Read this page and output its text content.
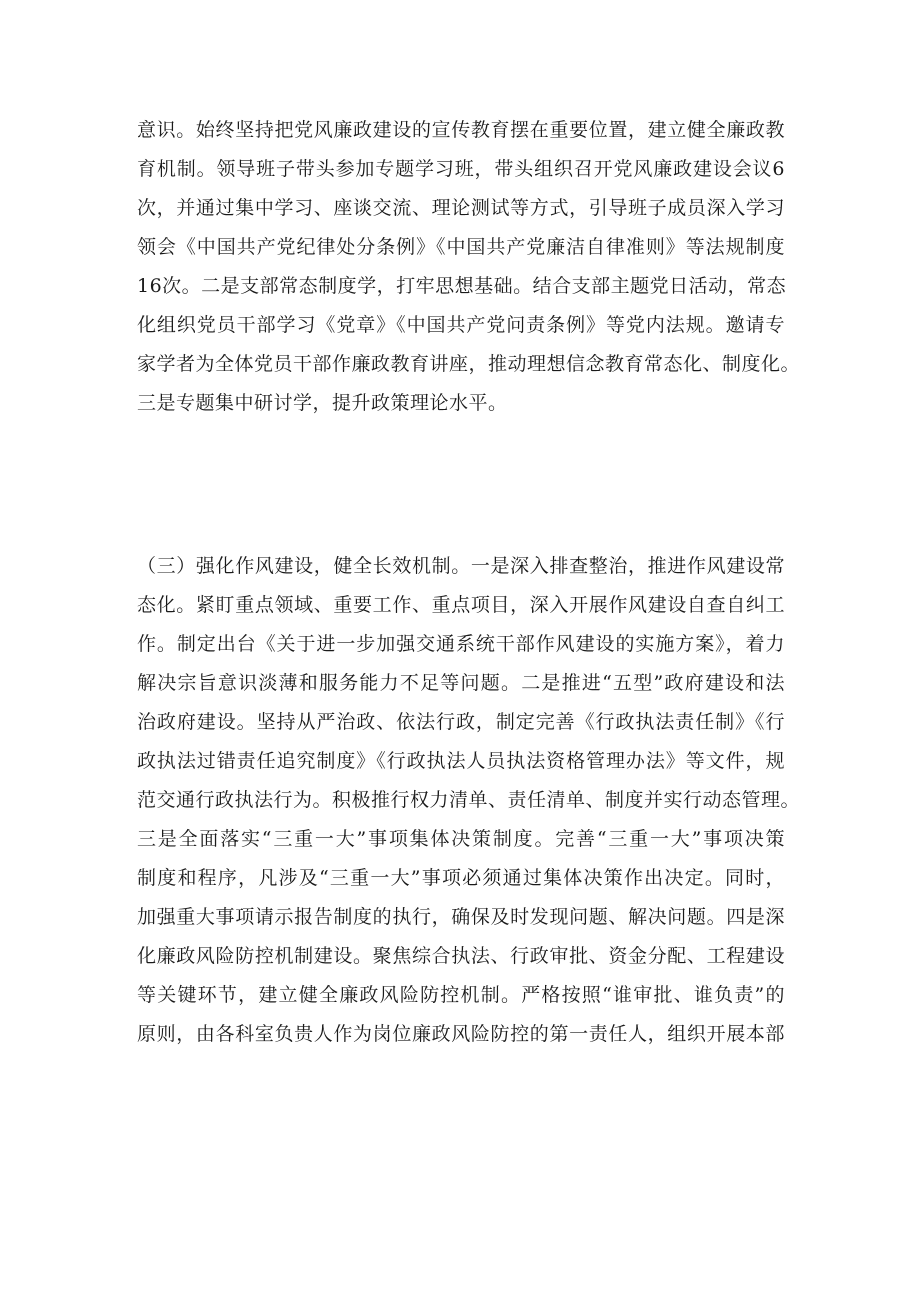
意识。始终坚持把党风廉政建设的宣传教育摆在重要位置，建立健全廉政教
育机制。领导班子带头参加专题学习班，带头组织召开党风廉政建设会议6
次，并通过集中学习、座谈交流、理论测试等方式，引导班子成员深入学习
领会《中国共产党纪律处分条例》《中国共产党廉洁自律准则》等法规制度
16次。二是支部常态制度学，打牢思想基础。结合支部主题党日活动，常态
化组织党员干部学习《党章》《中国共产党问责条例》等党内法规。邀请专
家学者为全体党员干部作廉政教育讲座，推动理想信念教育常态化、制度化。
三是专题集中研讨学，提升政策理论水平。

（三）强化作风建设，健全长效机制。一是深入排查整治，推进作风建设常
态化。紧盯重点领域、重要工作、重点项目，深入开展作风建设自查自纠工
作。制定出台《关于进一步加强交通系统干部作风建设的实施方案》，着力
解决宗旨意识淡薄和服务能力不足等问题。二是推进“五型”政府建设和法
治政府建设。坚持从严治政、依法行政，制定完善《行政执法责任制》《行
政执法过错责任追究制度》《行政执法人员执法资格管理办法》等文件，规
范交通行政执法行为。积极推行权力清单、责任清单、制度并实行动态管理。
三是全面落实“三重一大”事项集体决策制度。完善“三重一大”事项决策
制度和程序，凡涉及“三重一大”事项必须通过集体决策作出决定。同时，
加强重大事项请示报告制度的执行，确保及时发现问题、解决问题。四是深
化廉政风险防控机制建设。聚焦综合执法、行政审批、资金分配、工程建设
等关键环节，建立健全廉政风险防控机制。严格按照“谁审批、谁负责”的
原则，由各科室负贵人作为岗位廉政风险防控的第一责任人，组织开展本部
